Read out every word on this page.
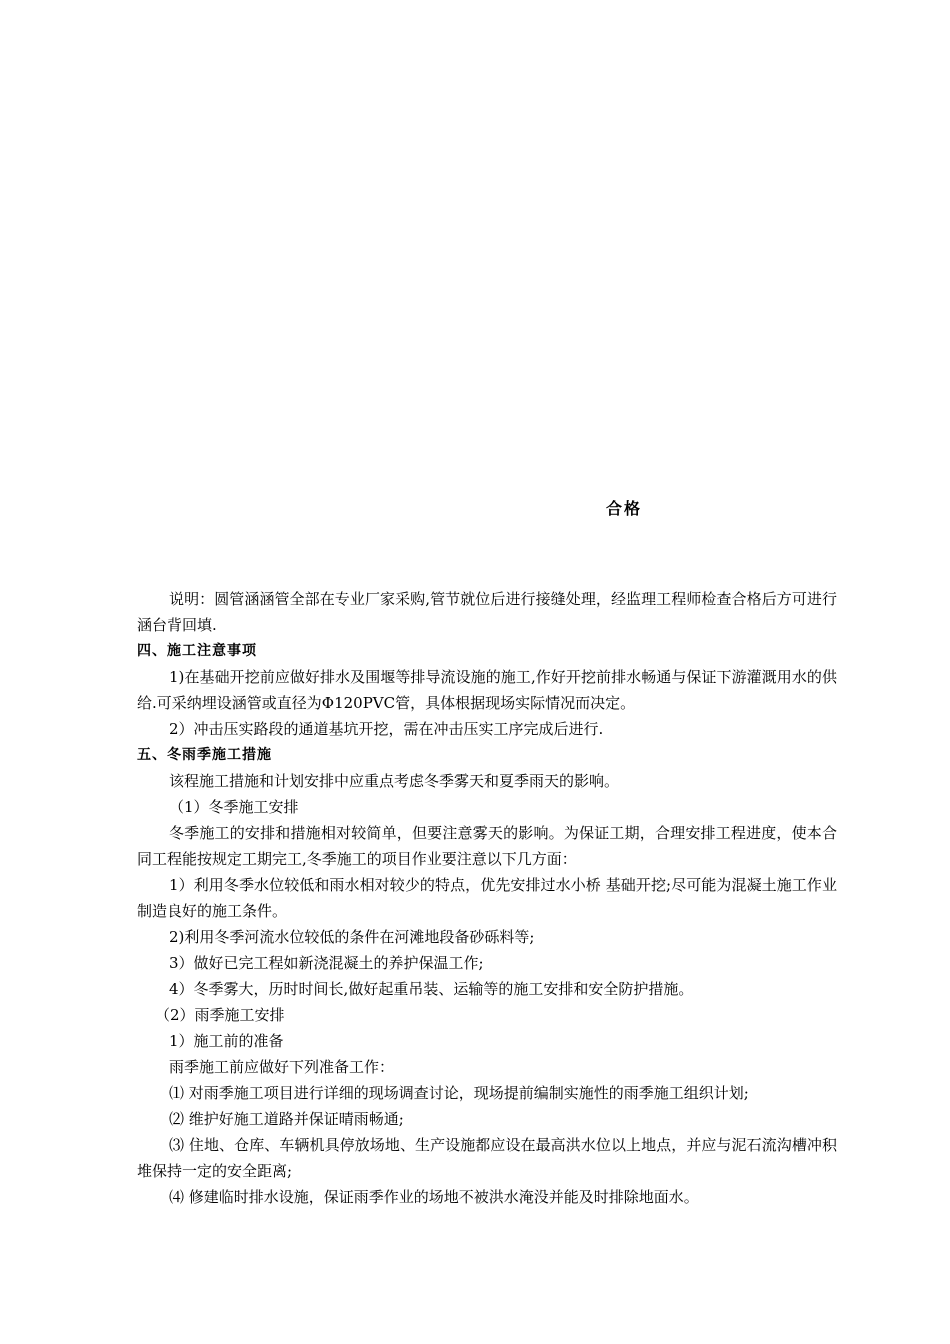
合格

说明：圆管涵涵管全部在专业厂家采购,管节就位后进行接缝处理，经监理工程师检查合格后方可进行涵台背回填.

四、施工注意事项

1)在基础开挖前应做好排水及围堰等排导流设施的施工,作好开挖前排水畅通与保证下游灌溉用水的供给.可采纳埋设涵管或直径为Φ120PVC管，具体根据现场实际情况而决定。

2）冲击压实路段的通道基坑开挖，需在冲击压实工序完成后进行.

五、冬雨季施工措施

该程施工措施和计划安排中应重点考虑冬季雾天和夏季雨天的影响。

（1）冬季施工安排

冬季施工的安排和措施相对较简单，但要注意雾天的影响。为保证工期，合理安排工程进度，使本合同工程能按规定工期完工,冬季施工的项目作业要注意以下几方面：

1）利用冬季水位较低和雨水相对较少的特点，优先安排过水小桥 基础开挖;尽可能为混凝土施工作业制造良好的施工条件。

2)利用冬季河流水位较低的条件在河滩地段备砂砾料等;

3）做好已完工程如新浇混凝土的养护保温工作;

4）冬季雾大，历时时间长,做好起重吊装、运输等的施工安排和安全防护措施。

（2）雨季施工安排

1）施工前的准备

雨季施工前应做好下列准备工作：

⑴ 对雨季施工项目进行详细的现场调查讨论，现场提前编制实施性的雨季施工组织计划;

⑵ 维护好施工道路并保证晴雨畅通;

⑶ 住地、仓库、车辆机具停放场地、生产设施都应设在最高洪水位以上地点，并应与泥石流沟槽冲积堆保持一定的安全距离;

⑷ 修建临时排水设施，保证雨季作业的场地不被洪水淹没并能及时排除地面水。
